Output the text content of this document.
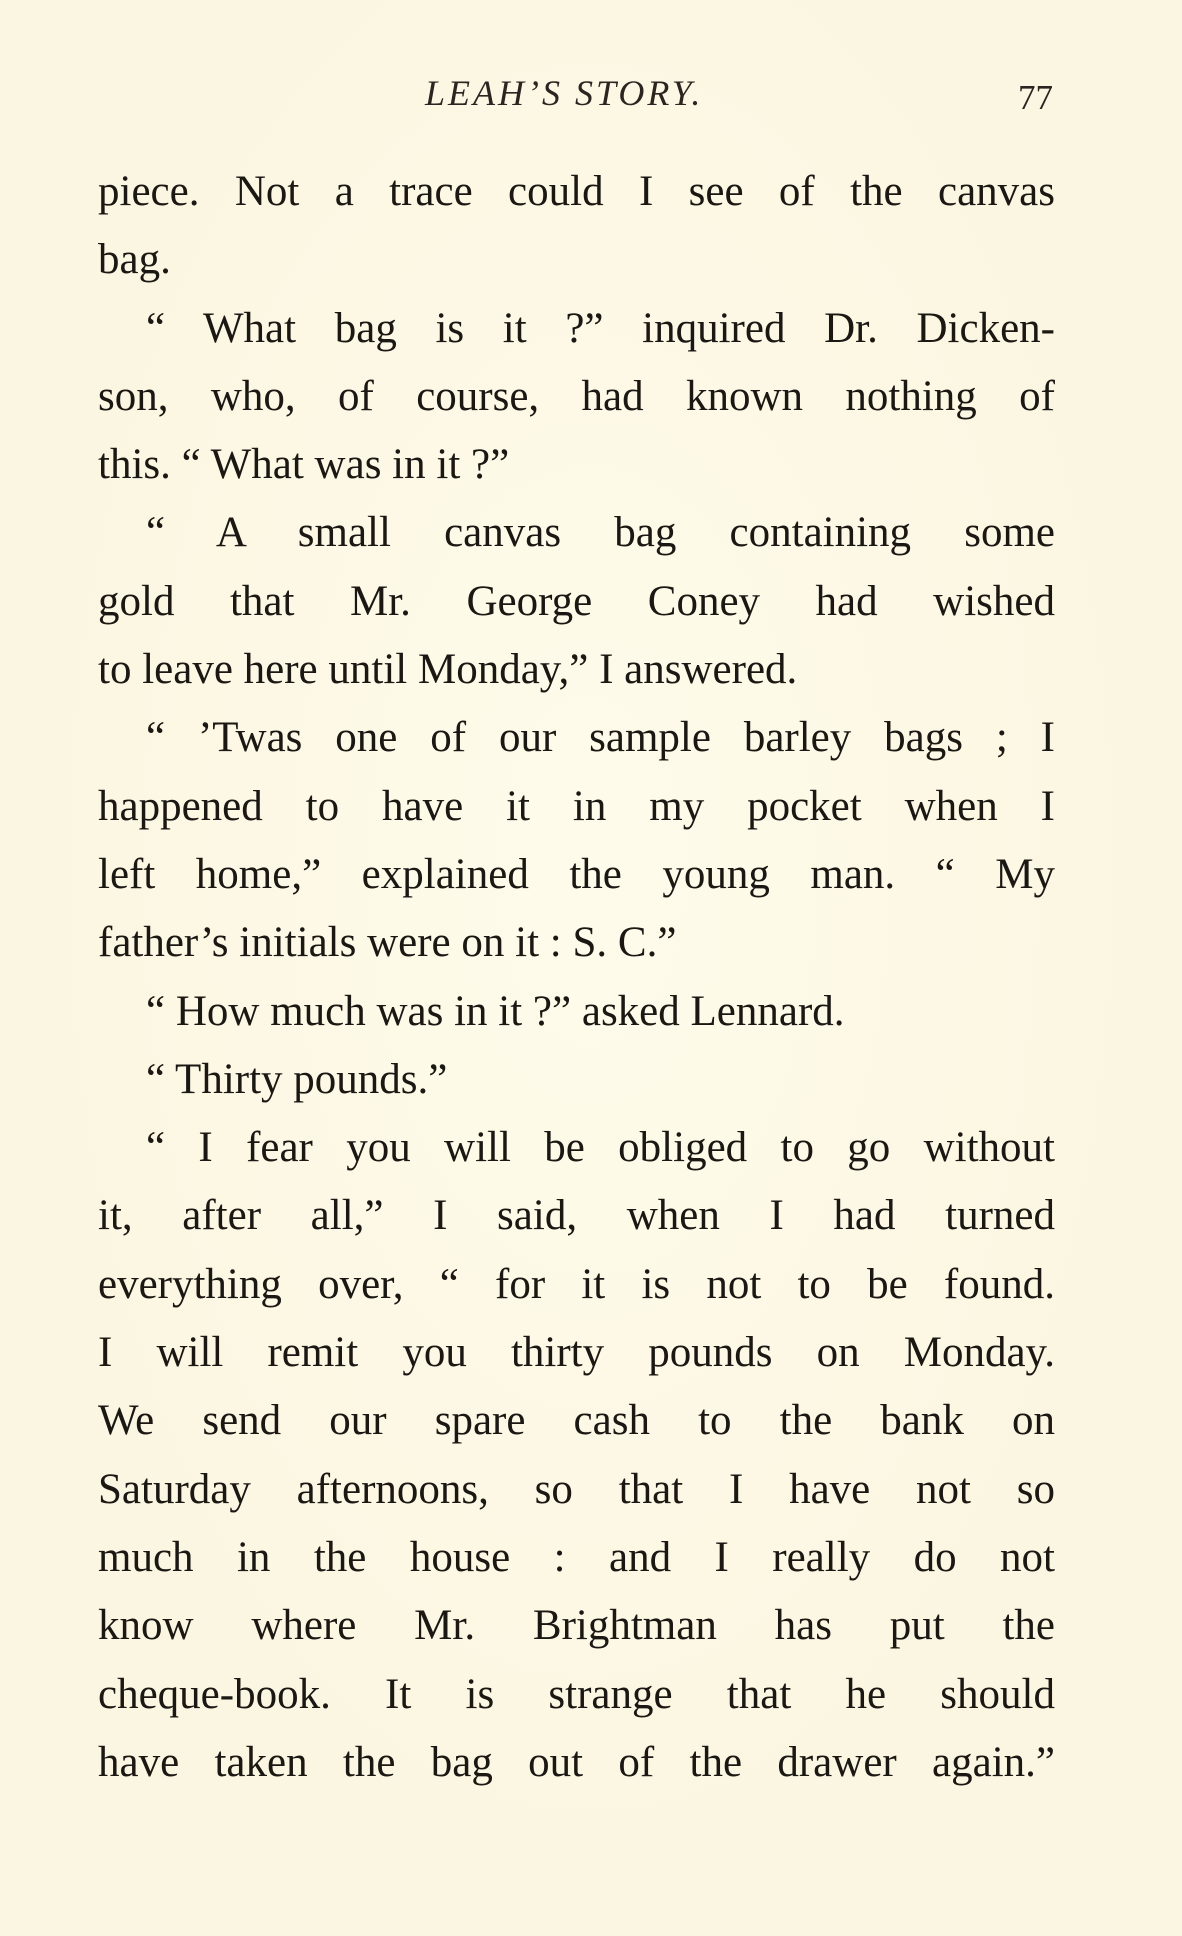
LEAH’S STORY.	77
piece. Not a trace could I see of the canvas
bag.
“ What bag is it ?” inquired Dr. Dicken-
son, who, of course, had known nothing of
this. “ What was in it ?”
“ A small canvas bag containing some
gold that Mr. George Coney had wished
to leave here until Monday,” I answered.
“ ’Twas one of our sample barley bags ; I
happened to have it in my pocket when I
left home,” explained the young man. “ My
father’s initials were on it : S. C.”
“ How much was in it ?” asked Lennard.
“ Thirty pounds.”
“ I fear you will be obliged to go without
it, after all,” I said, when I had turned
everything over, “ for it is not to be found.
I will remit you thirty pounds on Monday.
We send our spare cash to the bank on
Saturday afternoons, so that I have not so
much in the house : and I really do not
know where Mr. Brightman has put the
cheque-book. It is strange that he should
have taken the bag out of the drawer again.”
